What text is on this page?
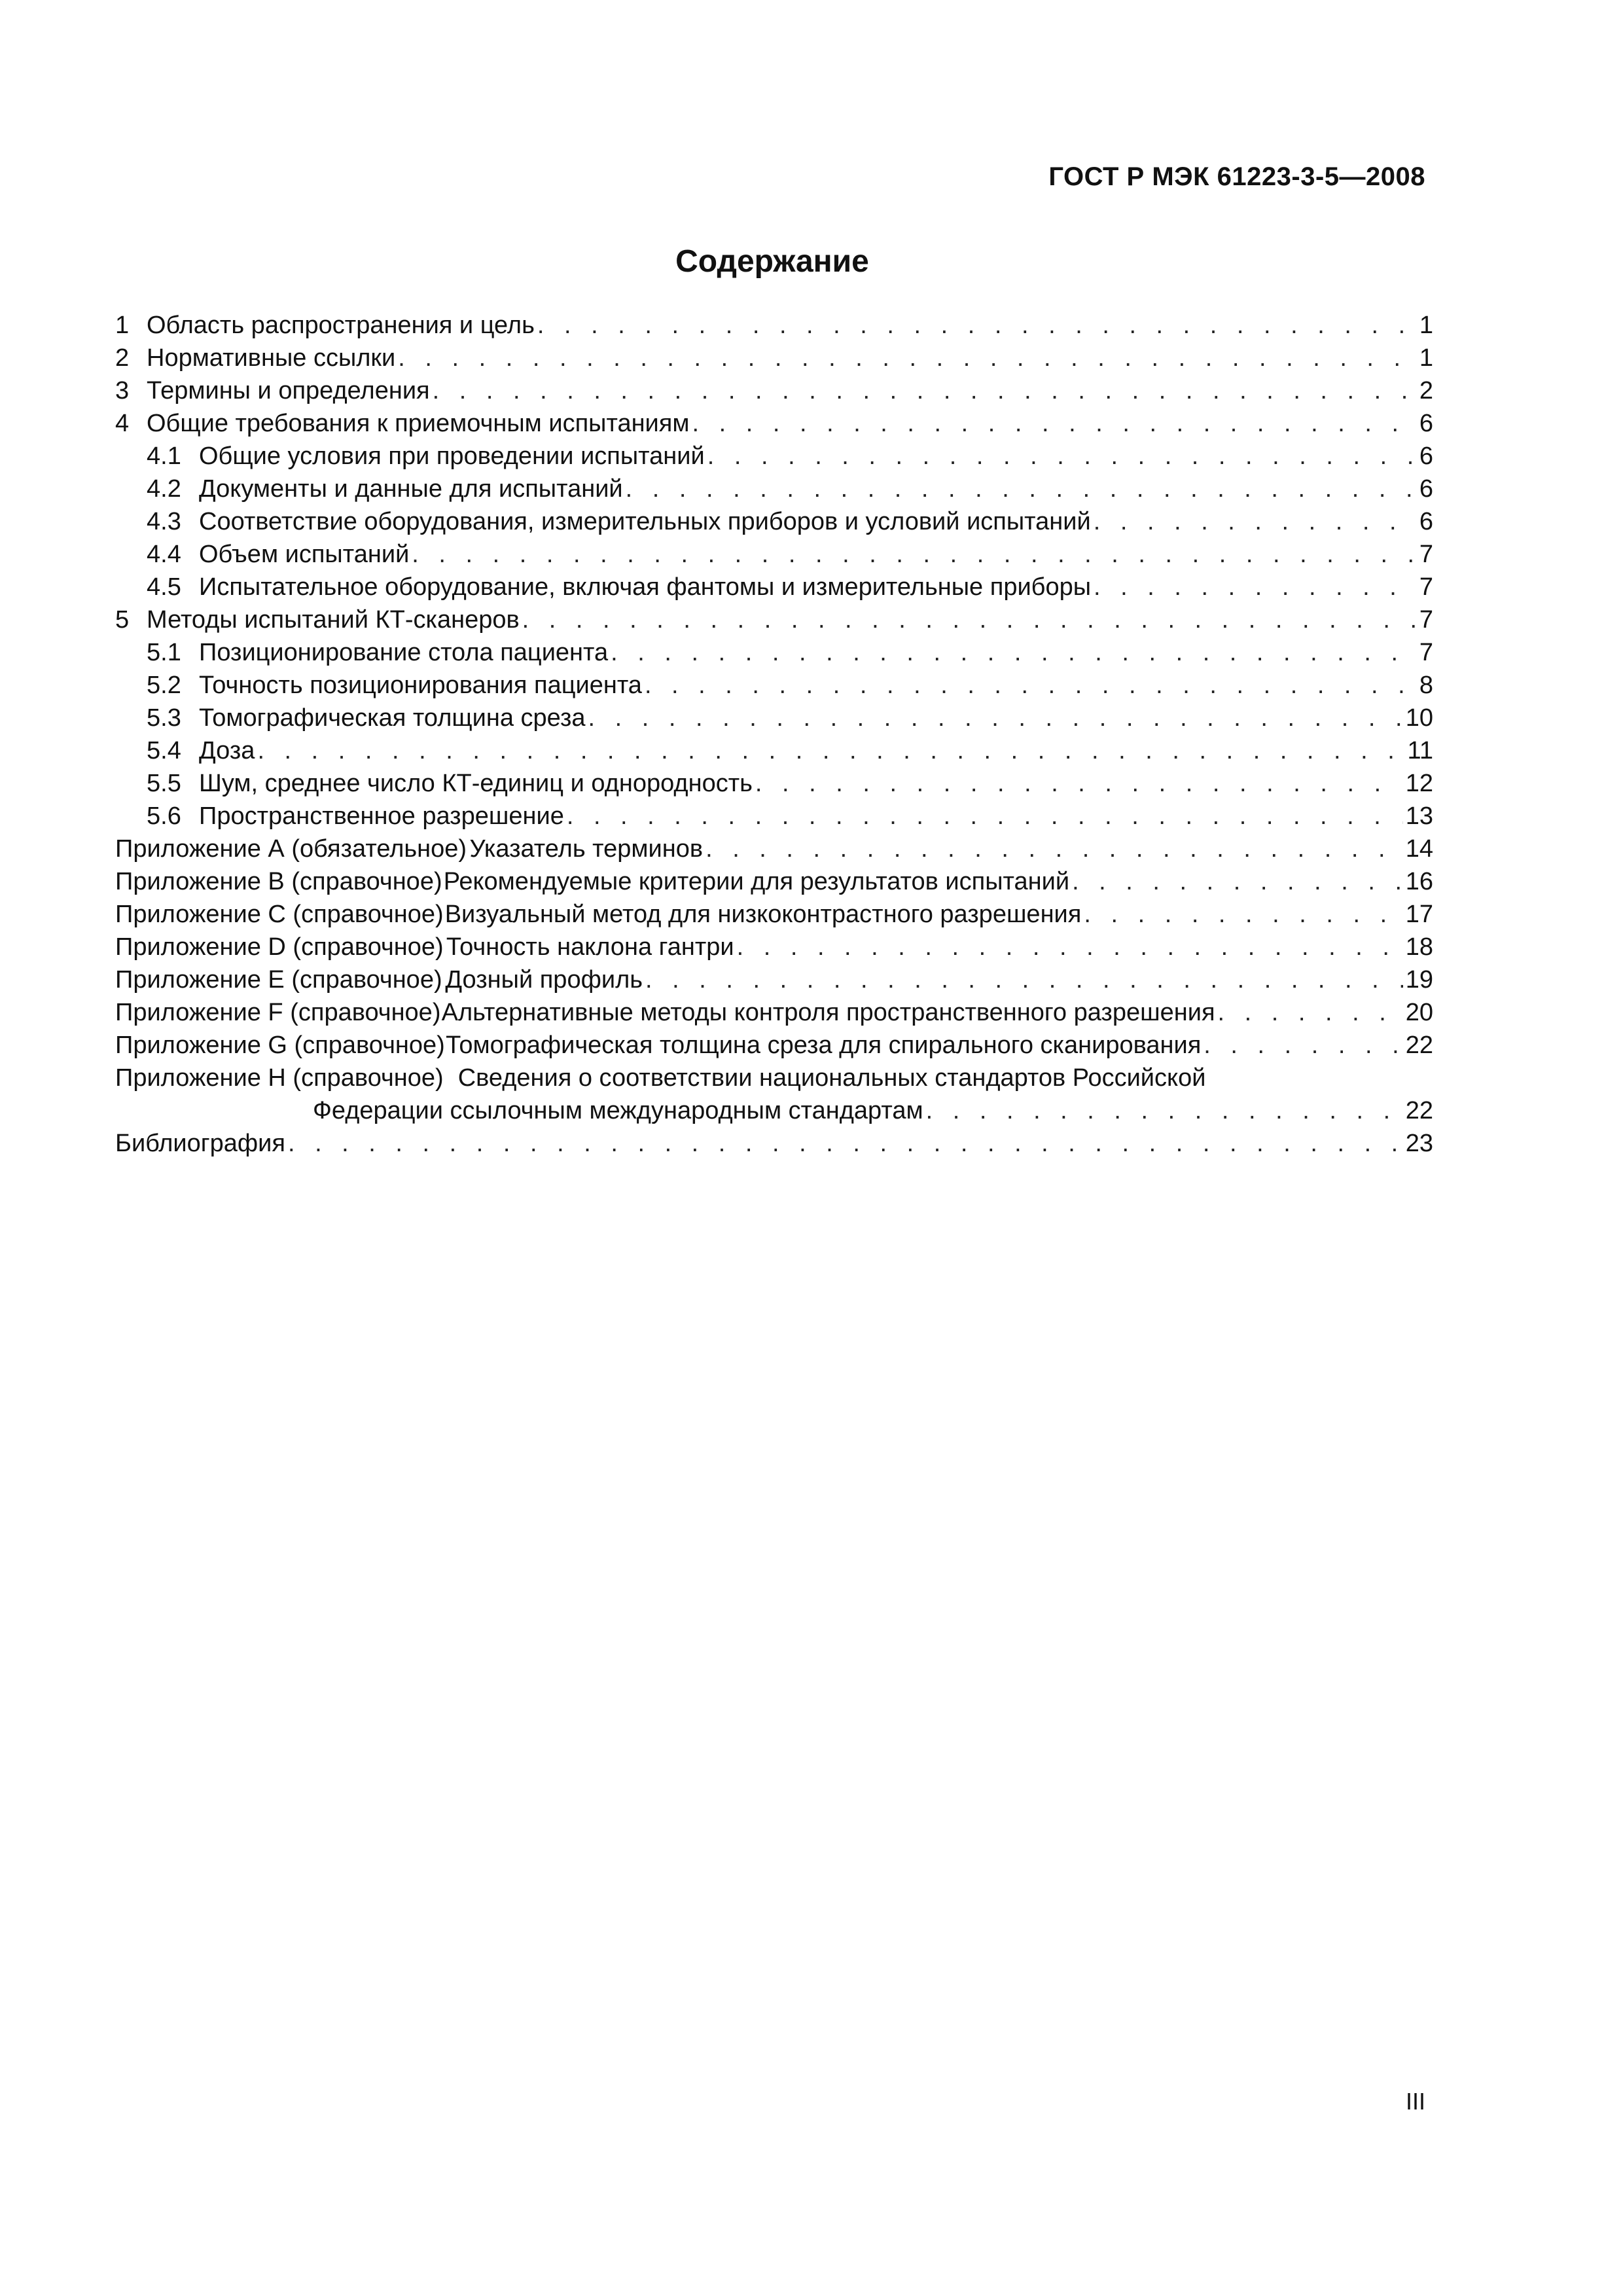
ГОСТ Р МЭК 61223-3-5—2008
Содержание
1 Область распространения и цель . . .	1
2 Нормативные ссылки . . .	1
3 Термины и определения . . .	2
4 Общие требования к приемочным испытаниям . . .	6
4.1 Общие условия при проведении испытаний . . .	6
4.2 Документы и данные для испытаний . . .	6
4.3 Соответствие оборудования, измерительных приборов и условий испытаний . . .	6
4.4 Объем испытаний . . .	7
4.5 Испытательное оборудование, включая фантомы и измерительные приборы . . .	7
5 Методы испытаний КТ-сканеров . . .	7
5.1 Позиционирование стола пациента . . .	7
5.2 Точность позиционирования пациента . . .	8
5.3 Томографическая толщина среза . . .	10
5.4 Доза . . .	11
5.5 Шум, среднее число КТ-единиц и однородность . . .	12
5.6 Пространственное разрешение . . .	13
Приложение А (обязательное) Указатель терминов . . .	14
Приложение В (справочное) Рекомендуемые критерии для результатов испытаний . . .	16
Приложение С (справочное) Визуальный метод для низкоконтрастного разрешения . . .	17
Приложение D (справочное) Точность наклона гантри . . .	18
Приложение Е (справочное) Дозный профиль . . .	19
Приложение F (справочное) Альтернативные методы контроля пространственного разрешения . . .	20
Приложение G (справочное) Томографическая толщина среза для спирального сканирования . . .	22
Приложение Н (справочное) Сведения о соответствии национальных стандартов Российской
Федерации ссылочным международным стандартам . . .	22
Библиография . . .	23
III
